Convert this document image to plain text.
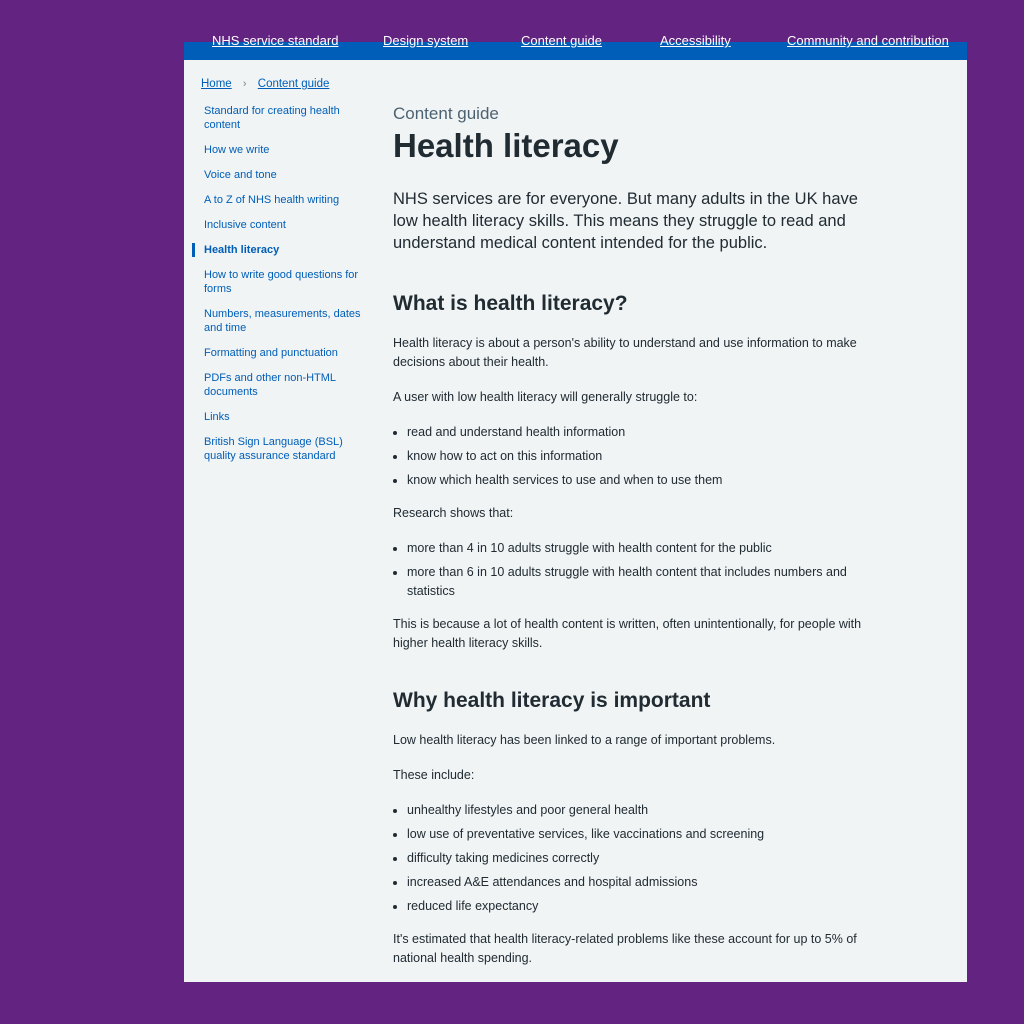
NHS service standard	Design system	Content guide	Accessibility	Community and contribution
Home › Content guide
Standard for creating health content
How we write
Voice and tone
A to Z of NHS health writing
Inclusive content
Health literacy
How to write good questions for forms
Numbers, measurements, dates and time
Formatting and punctuation
PDFs and other non-HTML documents
Links
British Sign Language (BSL) quality assurance standard
Content guide
Health literacy

NHS services are for everyone. But many adults in the UK have low health literacy skills. This means they struggle to read and understand medical content intended for the public.

What is health literacy?

Health literacy is about a person's ability to understand and use information to make decisions about their health.

A user with low health literacy will generally struggle to:

• read and understand health information
• know how to act on this information
• know which health services to use and when to use them

Research shows that:

• more than 4 in 10 adults struggle with health content for the public
• more than 6 in 10 adults struggle with health content that includes numbers and statistics

This is because a lot of health content is written, often unintentionally, for people with higher health literacy skills.

Why health literacy is important

Low health literacy has been linked to a range of important problems.

These include:

• unhealthy lifestyles and poor general health
• low use of preventative services, like vaccinations and screening
• difficulty taking medicines correctly
• increased A&E attendances and hospital admissions
• reduced life expectancy

It's estimated that health literacy-related problems like these account for up to 5% of national health spending.
